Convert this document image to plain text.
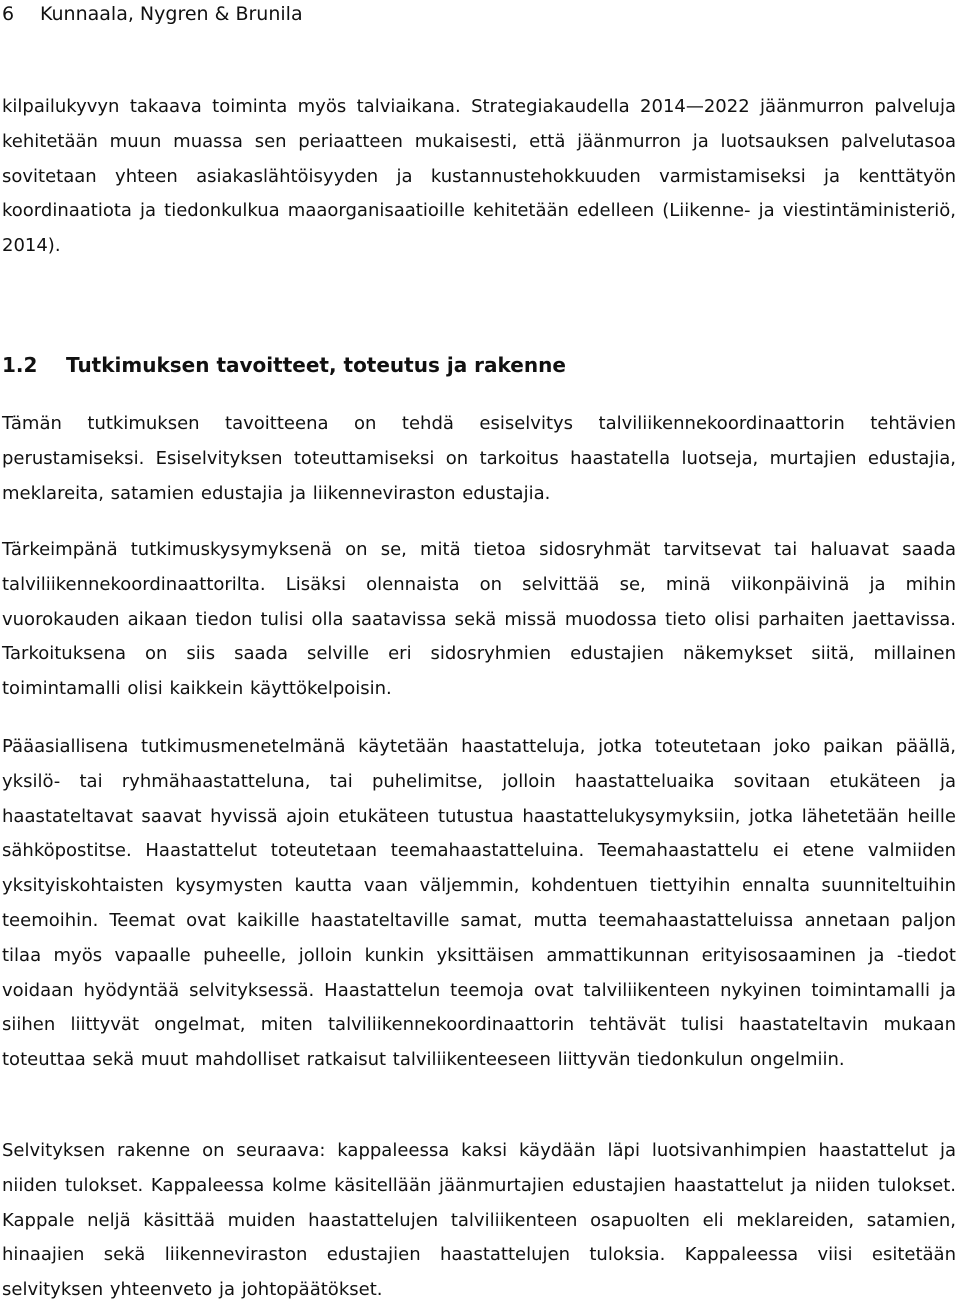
6 Kunnaala, Nygren & Brunila

kilpailukyvyn takaava toiminta myös talviaikana. Strategiakaudella 2014—2022 jäänmurron palveluja kehitetään muun muassa sen periaatteen mukaisesti, että jäänmurron ja luotsauksen palvelutasoa sovitetaan yhteen asiakaslähtöisyyden ja kustannustehokkuuden varmistamiseksi ja kenttätyön koordinaatiota ja tiedonkulkua maaorganisaatioille kehitetään edelleen (Liikenne- ja viestintäministeriö, 2014).

1.2 Tutkimuksen tavoitteet, toteutus ja rakenne

Tämän tutkimuksen tavoitteena on tehdä esiselvitys talviliikennekoordinaattorin tehtävien perustamiseksi. Esiselvityksen toteuttamiseksi on tarkoitus haastatella luotseja, murtajien edustajia, meklareita, satamien edustajia ja liikenneviraston edustajia.

Tärkeimpänä tutkimuskysymyksenä on se, mitä tietoa sidosryhmät tarvitsevat tai haluavat saada talviliikennekoordinaattorilta. Lisäksi olennaista on selvittää se, minä viikonpäivinä ja mihin vuorokauden aikaan tiedon tulisi olla saatavissa sekä missä muodossa tieto olisi parhaiten jaettavissa. Tarkoituksena on siis saada selville eri sidosryhmien edustajien näkemykset siitä, millainen toimintamalli olisi kaikkein käyttökelpoisin.

Pääasiallisena tutkimusmenetelmänä käytetään haastatteluja, jotka toteutetaan joko paikan päällä, yksilö- tai ryhmähaastatteluna, tai puhelimitse, jolloin haastatteluaika sovitaan etukäteen ja haastateltavat saavat hyvissä ajoin etukäteen tutustua haastattelukysymyksiin, jotka lähetetään heille sähköpostitse. Haastattelut toteutetaan teemahaastatteluina. Teemahaastattelu ei etene valmiiden yksityiskohtaisten kysymysten kautta vaan väljemmin, kohdentuen tiettyihin ennalta suunniteltuihin teemoihin. Teemat ovat kaikille haastateltaville samat, mutta teemahaastatteluissa annetaan paljon tilaa myös vapaalle puheelle, jolloin kunkin yksittäisen ammattikunnan erityisosaaminen ja -tiedot voidaan hyödyntää selvityksessä. Haastattelun teemoja ovat talviliikenteen nykyinen toimintamalli ja siihen liittyvät ongelmat, miten talviliikennekoordinaattorin tehtävät tulisi haastateltavin mukaan toteuttaa sekä muut mahdolliset ratkaisut talviliikenteeseen liittyvän tiedonkulun ongelmiin.

Selvityksen rakenne on seuraava: kappaleessa kaksi käydään läpi luotsivanhimpien haastattelut ja niiden tulokset. Kappaleessa kolme käsitellään jäänmurtajien edustajien haastattelut ja niiden tulokset. Kappale neljä käsittää muiden haastattelujen talviliikenteen osapuolten eli meklareiden, satamien, hinaajien sekä liikenneviraston edustajien haastattelujen tuloksia. Kappaleessa viisi esitetään selvityksen yhteenveto ja johtopäätökset.
